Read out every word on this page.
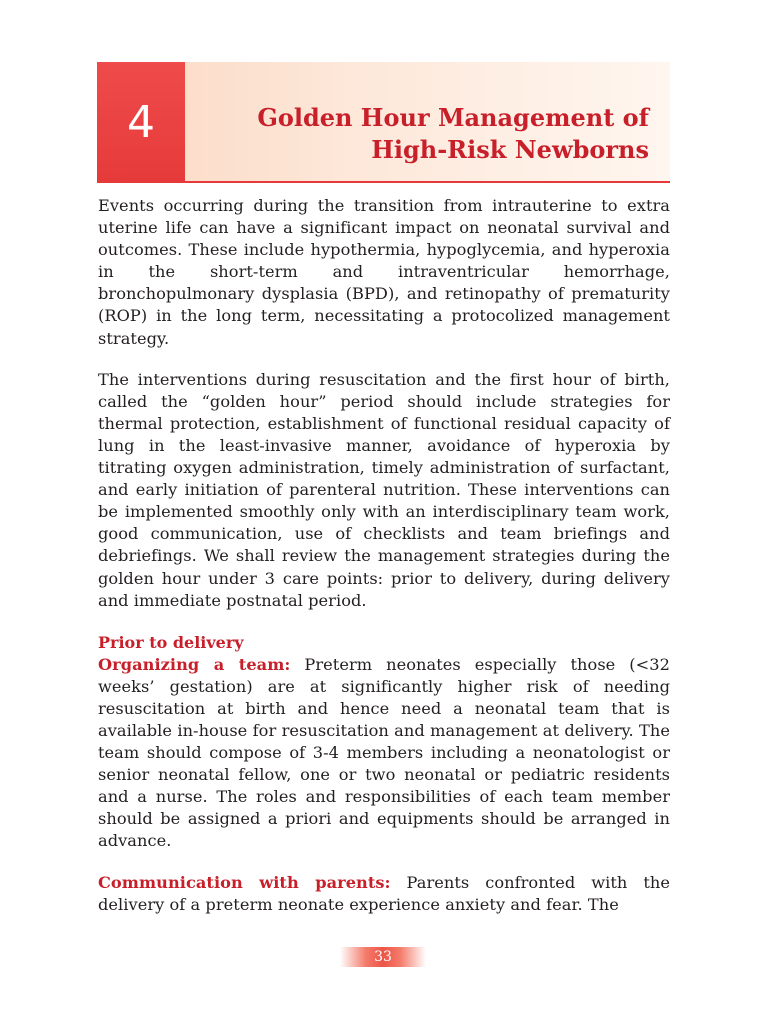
4	Golden Hour Management of
High-Risk Newborns

Events occurring during the transition from intrauterine to extra uterine life can have a significant impact on neonatal survival and outcomes. These include hypothermia, hypoglycemia, and hyperoxia in the short-term and intraventricular hemorrhage, bronchopulmonary dysplasia (BPD), and retinopathy of prematurity (ROP) in the long term, necessitating a protocolized management strategy.

The interventions during resuscitation and the first hour of birth, called the “golden hour” period should include strategies for thermal protection, establishment of functional residual capacity of lung in the least-invasive manner, avoidance of hyperoxia by titrating oxygen administration, timely administration of surfactant, and early initiation of parenteral nutrition. These interventions can be implemented smoothly only with an interdisciplinary team work, good communication, use of checklists and team briefings and debriefings. We shall review the management strategies during the golden hour under 3 care points: prior to delivery, during delivery and immediate postnatal period.

Prior to delivery

Organizing a team: Preterm neonates especially those (<32 weeks’ gestation) are at significantly higher risk of needing resuscitation at birth and hence need a neonatal team that is available in-house for resuscitation and management at delivery. The team should compose of 3-4 members including a neonatologist or senior neonatal fellow, one or two neonatal or pediatric residents and a nurse. The roles and responsibilities of each team member should be assigned a priori and equipments should be arranged in advance.

Communication with parents: Parents confronted with the delivery of a preterm neonate experience anxiety and fear. The

33
